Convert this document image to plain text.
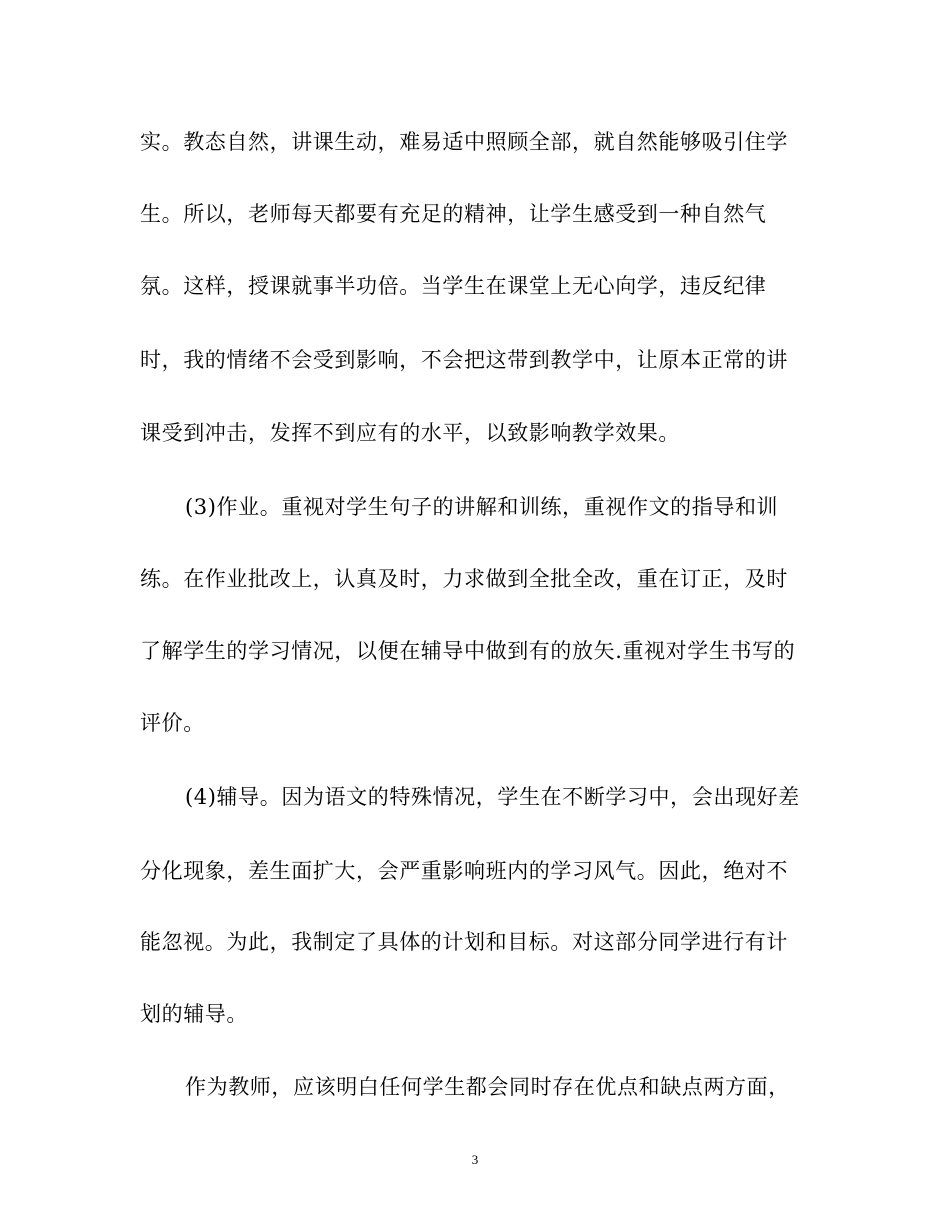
实。教态自然，讲课生动，难易适中照顾全部，就自然能够吸引住学
生。所以，老师每天都要有充足的精神，让学生感受到一种自然气
氛。这样，授课就事半功倍。当学生在课堂上无心向学，违反纪律
时，我的情绪不会受到影响，不会把这带到教学中，让原本正常的讲
课受到冲击，发挥不到应有的水平，以致影响教学效果。
(3)作业。重视对学生句子的讲解和训练，重视作文的指导和训
练。在作业批改上，认真及时，力求做到全批全改，重在订正，及时
了解学生的学习情况，以便在辅导中做到有的放矢.重视对学生书写的
评价。
(4)辅导。因为语文的特殊情况，学生在不断学习中，会出现好差
分化现象，差生面扩大，会严重影响班内的学习风气。因此，绝对不
能忽视。为此，我制定了具体的计划和目标。对这部分同学进行有计
划的辅导。
作为教师，应该明白任何学生都会同时存在优点和缺点两方面，
3
